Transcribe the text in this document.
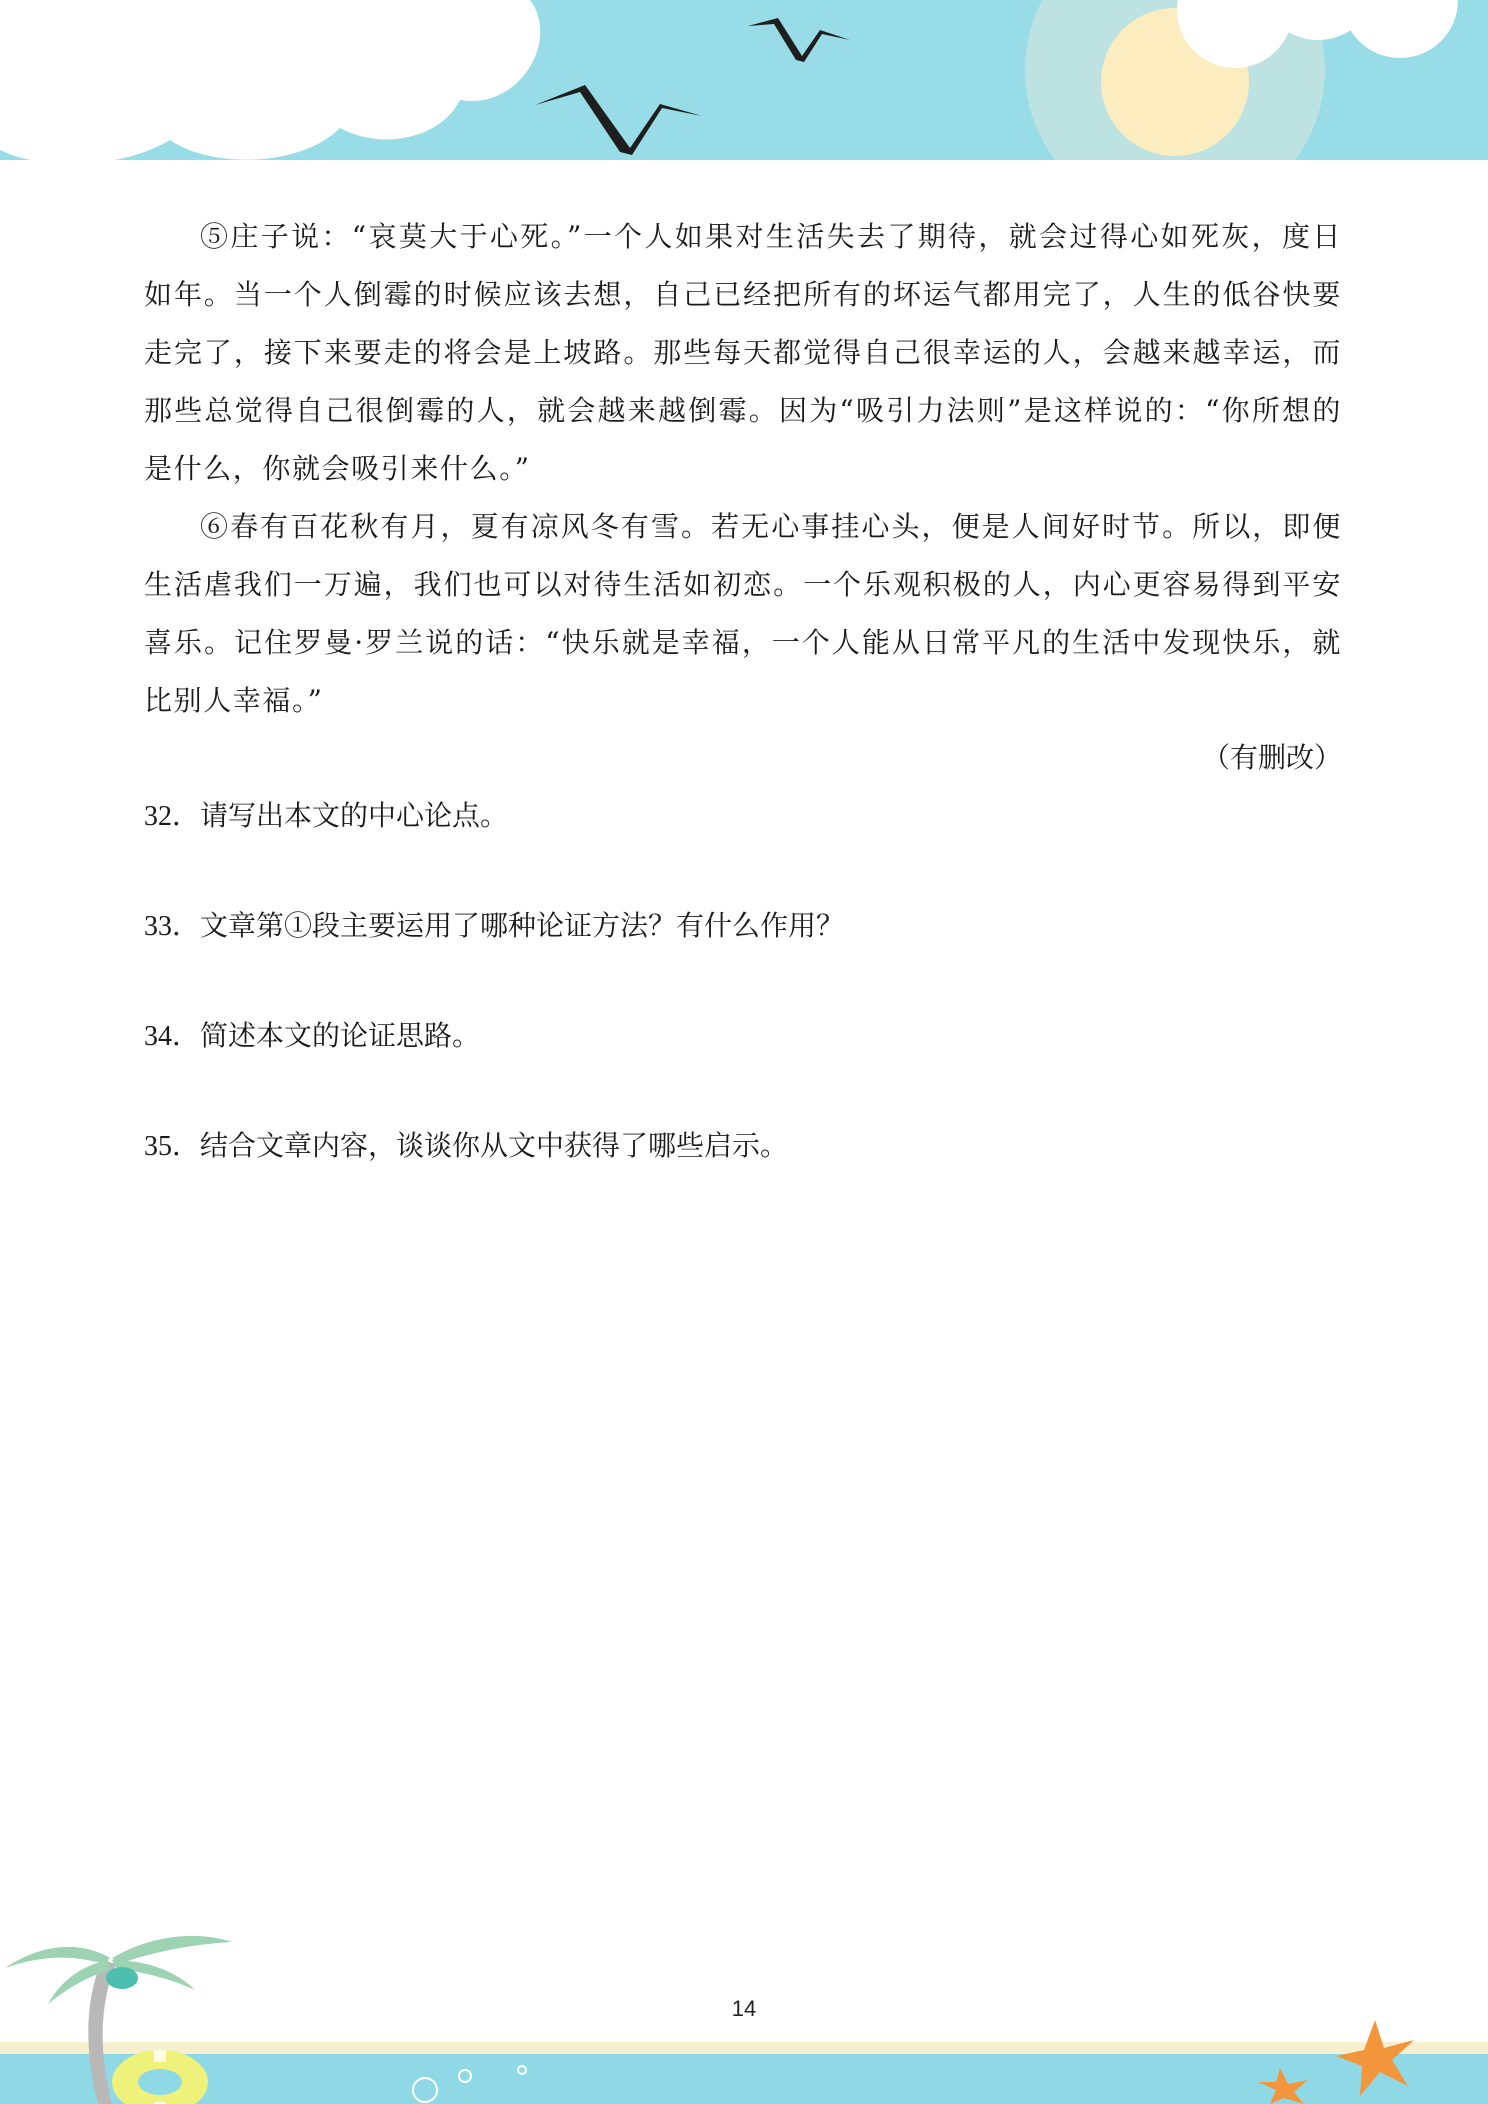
⑤庄子说：“哀莫大于心死。”一个人如果对生活失去了期待，就会过得心如死灰，度日如年。当一个人倒霉的时候应该去想，自己已经把所有的坏运气都用完了，人生的低谷快要走完了，接下来要走的将会是上坡路。那些每天都觉得自己很幸运的人，会越来越幸运，而那些总觉得自己很倒霉的人，就会越来越倒霉。因为“吸引力法则”是这样说的：“你所想的是什么，你就会吸引来什么。”

⑥春有百花秋有月，夏有凉风冬有雪。若无心事挂心头，便是人间好时节。所以，即便生活虐我们一万遍，我们也可以对待生活如初恋。一个乐观积极的人，内心更容易得到平安喜乐。记住罗曼·罗兰说的话：“快乐就是幸福，一个人能从日常平凡的生活中发现快乐，就比别人幸福。”

（有删改）

32．请写出本文的中心论点。

33．文章第①段主要运用了哪种论证方法？有什么作用？

34．简述本文的论证思路。

35．结合文章内容，谈谈你从文中获得了哪些启示。

14
